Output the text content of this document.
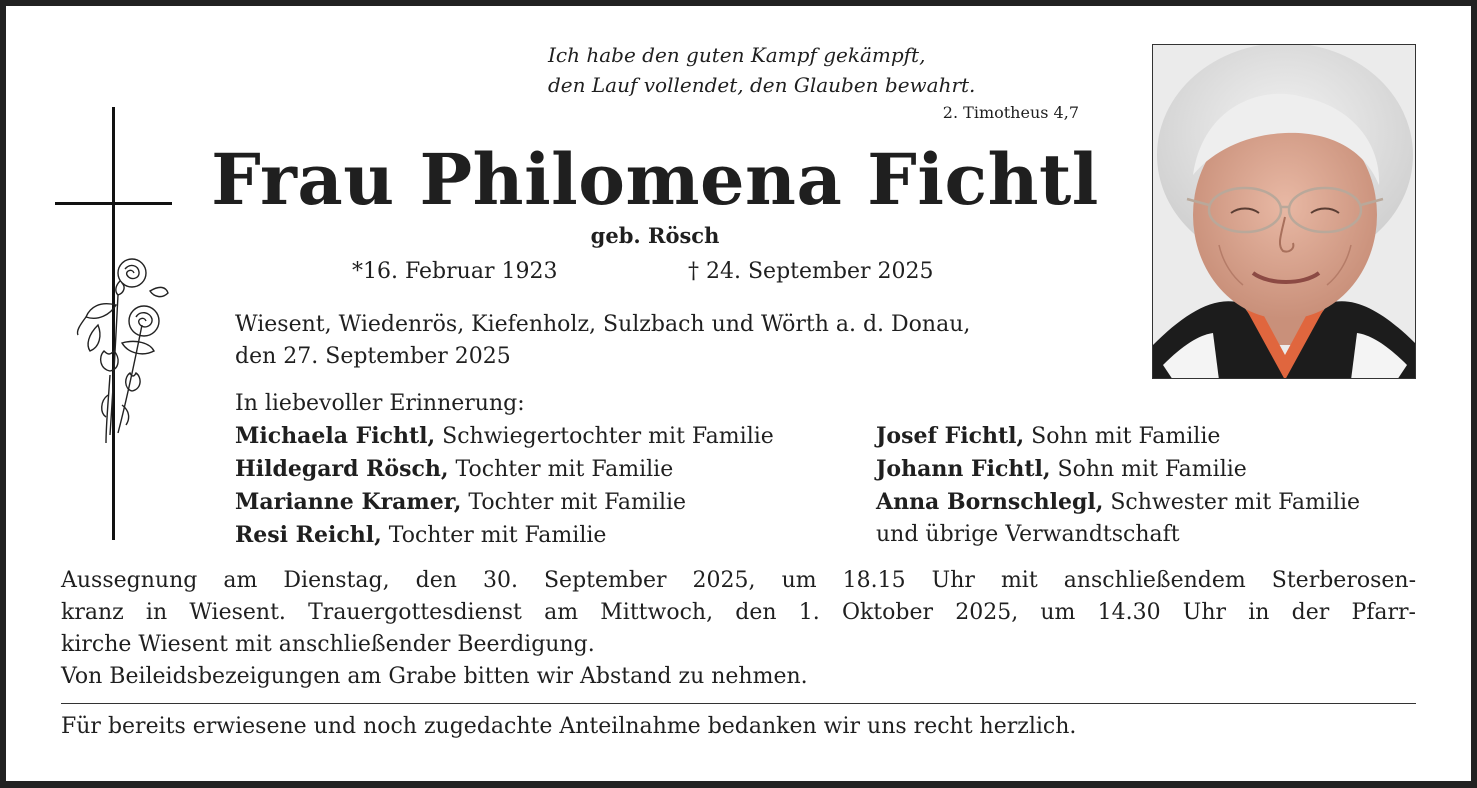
Ich habe den guten Kampf gekämpft,
den Lauf vollendet, den Glauben bewahrt.
2. Timotheus 4,7
Frau Philomena Fichtl
geb. Rösch
*16. Februar 1923	† 24. September 2025
Wiesent, Wiedenrös, Kiefenholz, Sulzbach und Wörth a. d. Donau,
den 27. September 2025
In liebevoller Erinnerung:
Michaela Fichtl, Schwiegertochter mit Familie
Hildegard Rösch, Tochter mit Familie
Marianne Kramer, Tochter mit Familie
Resi Reichl, Tochter mit Familie
Josef Fichtl, Sohn mit Familie
Johann Fichtl, Sohn mit Familie
Anna Bornschlegl, Schwester mit Familie
und übrige Verwandtschaft
Aussegnung am Dienstag, den 30. September 2025, um 18.15 Uhr mit anschließendem Sterberosen-
kranz in Wiesent. Trauergottesdienst am Mittwoch, den 1. Oktober 2025, um 14.30 Uhr in der Pfarr-
kirche Wiesent mit anschließender Beerdigung.
Von Beileidsbezeigungen am Grabe bitten wir Abstand zu nehmen.
Für bereits erwiesene und noch zugedachte Anteilnahme bedanken wir uns recht herzlich.
